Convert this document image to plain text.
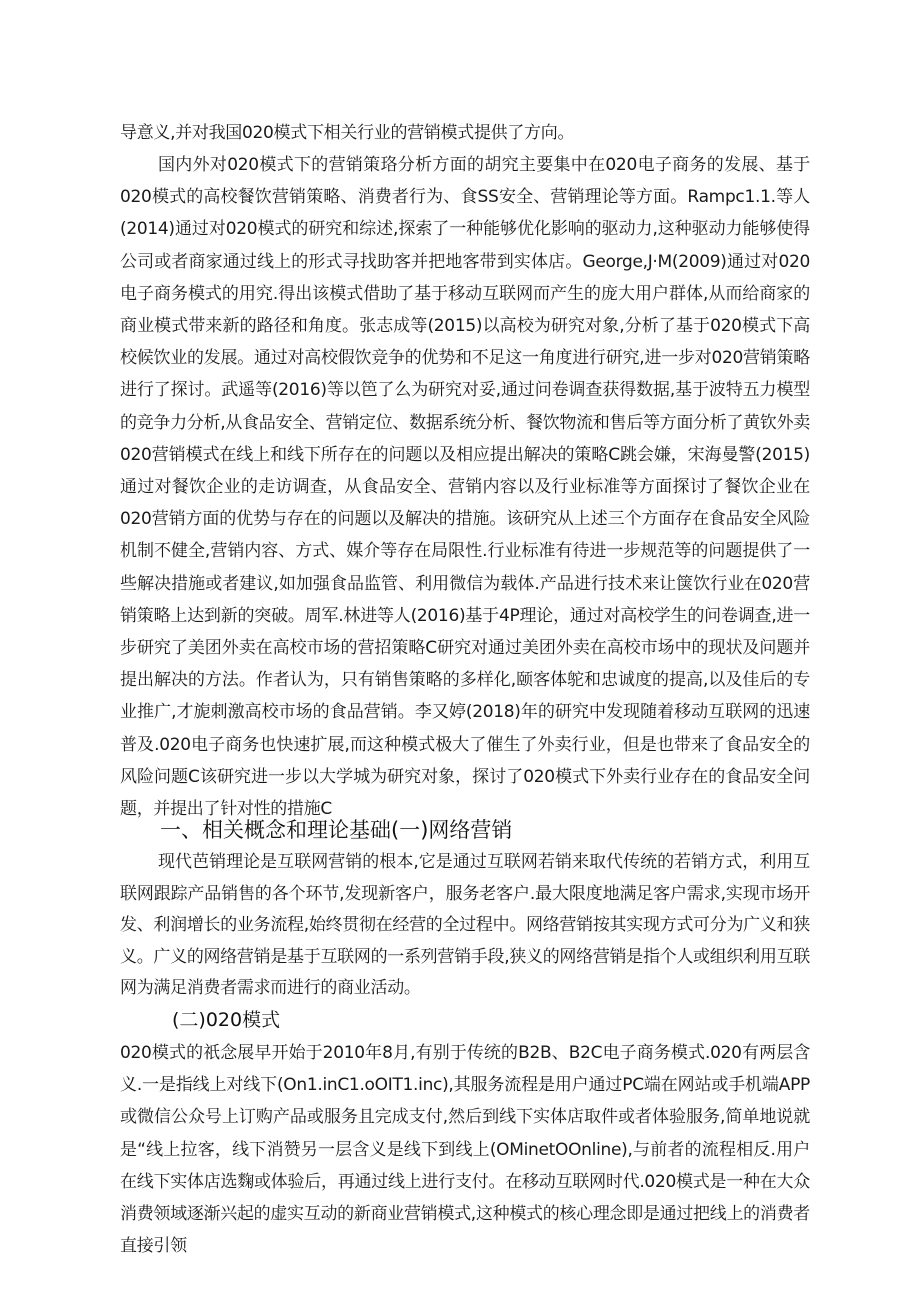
导意义,并对我国020模式下相关行业的营销模式提供了方向。

国内外对020模式下的营销策珞分析方面的胡究主要集中在020电子商务的发展、基于020模式的高校餐饮营销策略、消费者行为、食SS安全、营销理论等方面。Rampc1.1.等人(2014)通过对020模式的研究和综述,探索了一种能够优化影响的驱动力,这种驱动力能够使得公司或者商家通过线上的形式寻找助客并把地客带到实体店。George,J·M(2009)通过对020电子商务模式的用究.得出该模式借助了基于移动互联网而产生的庞大用户群体,从而给商家的商业模式带来新的路径和角度。张志成等(2015)以高校为研究对象,分析了基于020模式下高校候饮业的发展。通过对高校假饮竞争的优势和不足这一角度进行研究,进一步对020营销策略进行了探讨。武遥等(2016)等以笆了么为研究对妥,通过问卷调查获得数据,基于波特五力模型的竞争力分析,从食品安全、营销定位、数据系统分析、餐饮物流和售后等方面分析了黄钦外卖020营销模式在线上和线下所存在的问题以及相应提出解决的策略C跳会嫌，宋海曼警(2015)通过对餐饮企业的走访调查，从食品安全、营销内容以及行业标准等方面探讨了餐饮企业在020营销方面的优势与存在的问题以及解决的措施。该研究从上述三个方面存在食品安全风险机制不健全,营销内容、方式、媒介等存在局限性.行业标准有待进一步规范等的问题提供了一些解决措施或者建议,如加强食品监管、利用微信为载体.产品进行技术来让箧饮行业在020营销策略上达到新的突破。周军.林进等人(2016)基于4P理论，通过对高校学生的问卷调查,进一步研究了美团外卖在高校市场的营招策略C研究对通过美团外卖在高校市场中的现状及问题并提出解决的方法。作者认为，只有销售策略的多样化,颐客体鸵和忠诚度的提高,以及佳后的专业推广,才旎刺激高校市场的食品营销。李又婷(2018)年的研究中发现随着移动互联网的迅速普及.020电子商务也快速扩展,而这种模式极大了催生了外卖行业，但是也带来了食品安全的风险问题C该研究进一步以大学城为研究对象，探讨了020模式下外卖行业存在的食品安全问题，并提出了针对性的措施C

一、相关概念和理论基础(一)网络营销

现代芭销理论是互联网营销的根本,它是通过互联网若销来取代传统的若销方式，利用互联网跟踪产品销售的各个环节,发现新客户，服务老客户.最大限度地满足客户需求,实现市场开发、利润增长的业务流程,始终贯彻在经营的全过程中。网络营销按其实现方式可分为广义和狭义。广义的网络营销是基于互联网的一系列营销手段,狭义的网络营销是指个人或组织利用互联网为满足消费者需求而进行的商业活动。

(二)020模式

020模式的祇念展早开始于2010年8月,有别于传统的B2B、B2C电子商务模式.020有两层含义.一是指线上对线下(On1.inC1.oOIT1.inc),其服务流程是用户通过PC端在网站或手机端APP或微信公众号上订购产品或服务且完成支付,然后到线下实体店取件或者体验服务,简单地说就是“线上拉客，线下消赞另一层含义是线下到线上(OMinetOOnline),与前者的流程相反.用户在线下实体店选麴或体验后，再通过线上进行支付。在移动互联网时代.020模式是一种在大众消费领域逐渐兴起的虚实互动的新商业营销模式,这种模式的核心理念即是通过把线上的消费者直接引领
